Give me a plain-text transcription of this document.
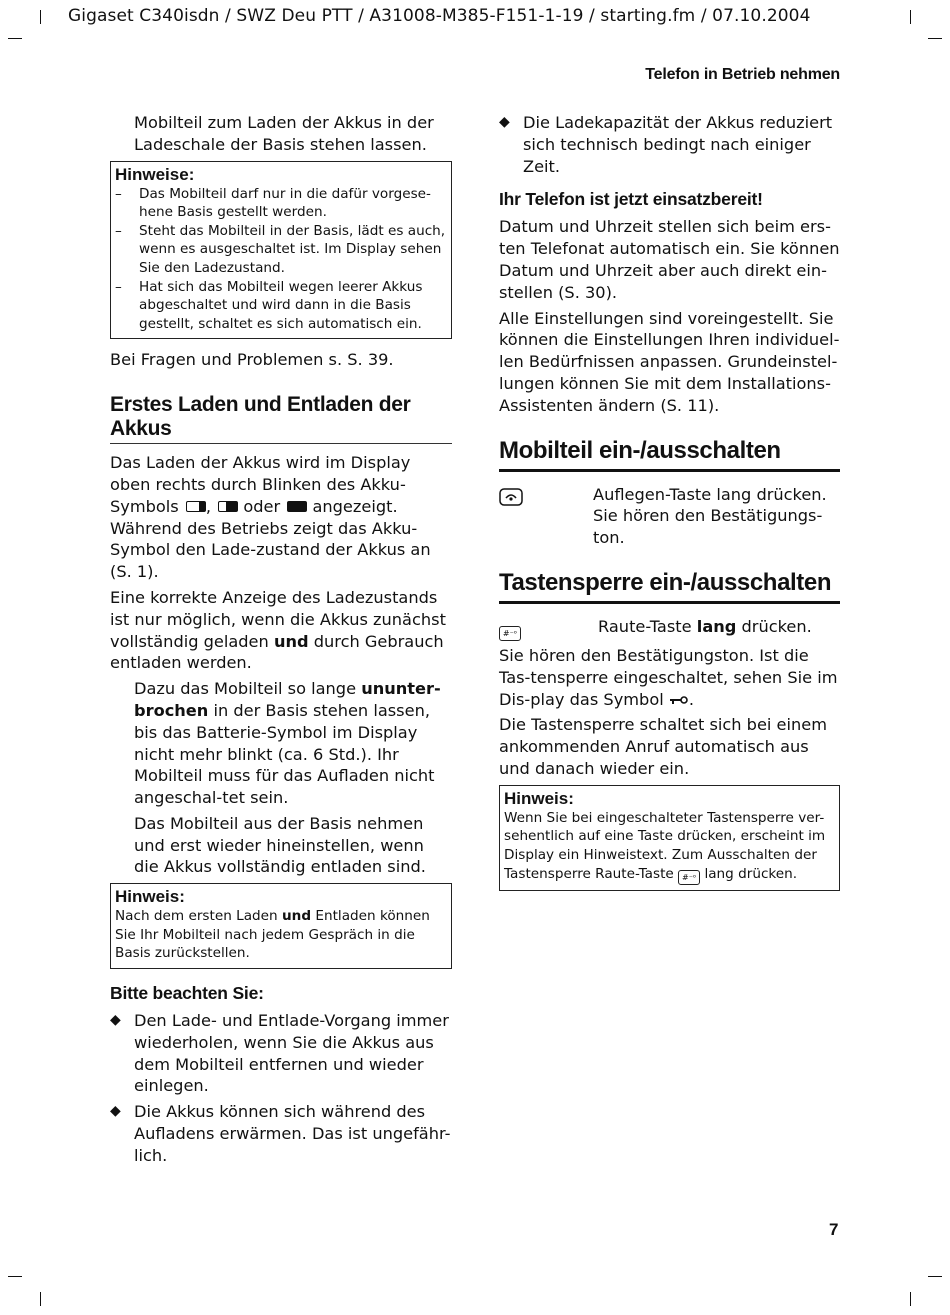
Gigaset C340isdn / SWZ Deu PTT / A31008-M385-F151-1-19 / starting.fm / 07.10.2004
Telefon in Betrieb nehmen

Mobilteil zum Laden der Akkus in der Ladeschale der Basis stehen lassen.

Hinweise:
–	Das Mobilteil darf nur in die dafür vorgese-hene Basis gestellt werden.
–	Steht das Mobilteil in der Basis, lädt es auch, wenn es ausgeschaltet ist. Im Display sehen Sie den Ladezustand.
–	Hat sich das Mobilteil wegen leerer Akkus abgeschaltet und wird dann in die Basis gestellt, schaltet es sich automatisch ein.

Bei Fragen und Problemen s. S. 39.

Erstes Laden und Entladen der Akkus

Das Laden der Akkus wird im Display oben rechts durch Blinken des Akku-Symbols ,
oder angezeigt. Während des Betriebs zeigt das Akku-Symbol den Lade-zustand der Akkus an (S. 1).

Eine korrekte Anzeige des Ladezustands ist nur möglich, wenn die Akkus zunächst vollständig geladen und durch Gebrauch entladen werden.

Dazu das Mobilteil so lange ununter-brochen in der Basis stehen lassen, bis das Batterie-Symbol im Display nicht mehr blinkt (ca. 6 Std.). Ihr Mobilteil muss für das Aufladen nicht angeschal-tet sein.

Das Mobilteil aus der Basis nehmen und erst wieder hineinstellen, wenn die Akkus vollständig entladen sind.

Hinweis:
Nach dem ersten Laden und Entladen können Sie Ihr Mobilteil nach jedem Gespräch in die Basis zurückstellen.
Bitte beachten Sie:
◆ Den Lade- und Entlade-Vorgang immer wiederholen, wenn Sie die Akkus aus dem Mobilteil entfernen und wieder einlegen.
◆ Die Akkus können sich während des Aufladens erwärmen. Das ist ungefähr-lich.
◆ Die Ladekapazität der Akkus reduziert sich technisch bedingt nach einiger Zeit.
Ihr Telefon ist jetzt einsatzbereit!

Datum und Uhrzeit stellen sich beim ers-ten Telefonat automatisch ein. Sie können Datum und Uhrzeit aber auch direkt ein-stellen (S. 30).

Alle Einstellungen sind voreingestellt. Sie können die Einstellungen Ihren individuel-len Bedürfnissen anpassen. Grundeinstel-lungen können Sie mit dem Installations-Assistenten ändern (S. 11).

Mobilteil ein-/ausschalten

Auflegen-Taste lang drücken. Sie hören den Bestätigungs-ton.

Tastensperre ein-/ausschalten
#⁻ᵒ	Raute-Taste lang drücken.

Sie hören den Bestätigungston. Ist die Tas-tensperre eingeschaltet, sehen Sie im Dis-play das Symbol .

Die Tastensperre schaltet sich bei einem ankommenden Anruf automatisch aus und danach wieder ein.

Hinweis:
Wenn Sie bei eingeschalteter Tastensperre ver-sehentlich auf eine Taste drücken, erscheint im Display ein Hinweistext. Zum Ausschalten der Tastensperre Raute-Taste #⁻ᵒ lang drücken.
7
